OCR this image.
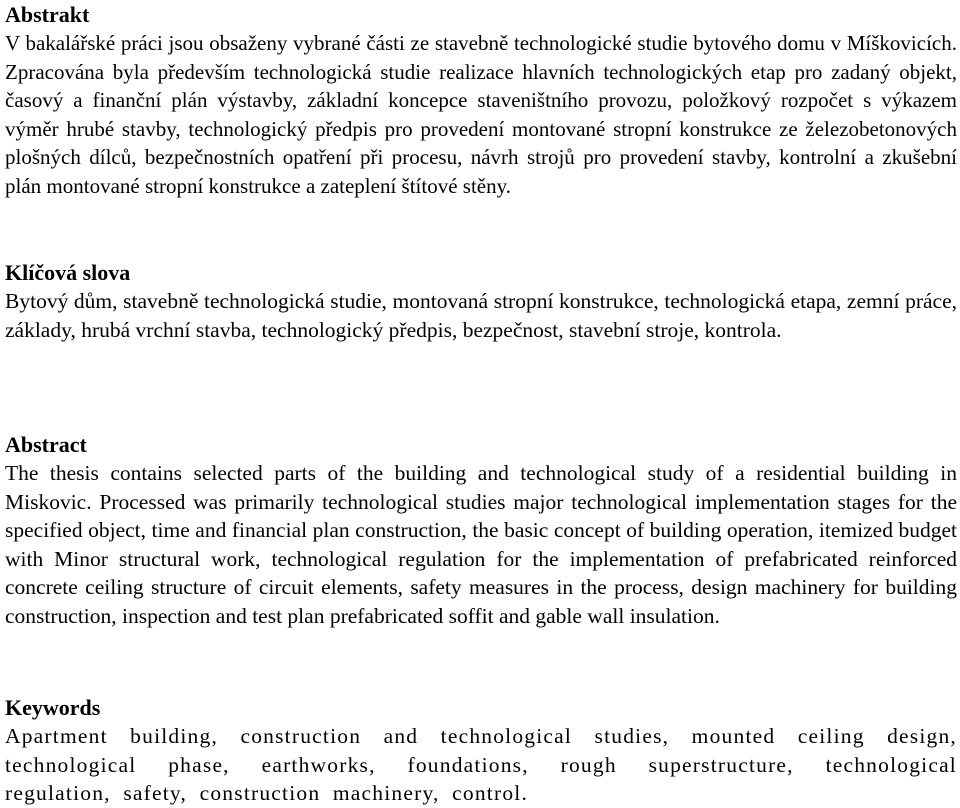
Abstrakt

V bakalářské práci jsou obsaženy vybrané části ze stavebně technologické studie bytového domu v Míškovicích. Zpracována byla především technologická studie realizace hlavních technologických etap pro zadaný objekt, časový a finanční plán výstavby, základní koncepce staveništního provozu, položkový rozpočet s výkazem výměr hrubé stavby, technologický předpis pro provedení montované stropní konstrukce ze železobetonových plošných dílců, bezpečnostních opatření při procesu, návrh strojů pro provedení stavby, kontrolní a zkušební plán montované stropní konstrukce a zateplení štítové stěny.

Klíčová slova

Bytový dům, stavebně technologická studie, montovaná stropní konstrukce, technologická etapa, zemní práce, základy, hrubá vrchní stavba, technologický předpis, bezpečnost, stavební stroje, kontrola.

Abstract

The thesis contains selected parts of the building and technological study of a residential building in Miskovic. Processed was primarily technological studies major technological implementation stages for the specified object, time and financial plan construction, the basic concept of building operation, itemized budget with Minor structural work, technological regulation for the implementation of prefabricated reinforced concrete ceiling structure of circuit elements, safety measures in the process, design machinery for building construction, inspection and test plan prefabricated soffit and gable wall insulation.

Keywords

Apartment building, construction and technological studies, mounted ceiling design, technological phase, earthworks, foundations, rough superstructure, technological regulation, safety, construction machinery, control.
